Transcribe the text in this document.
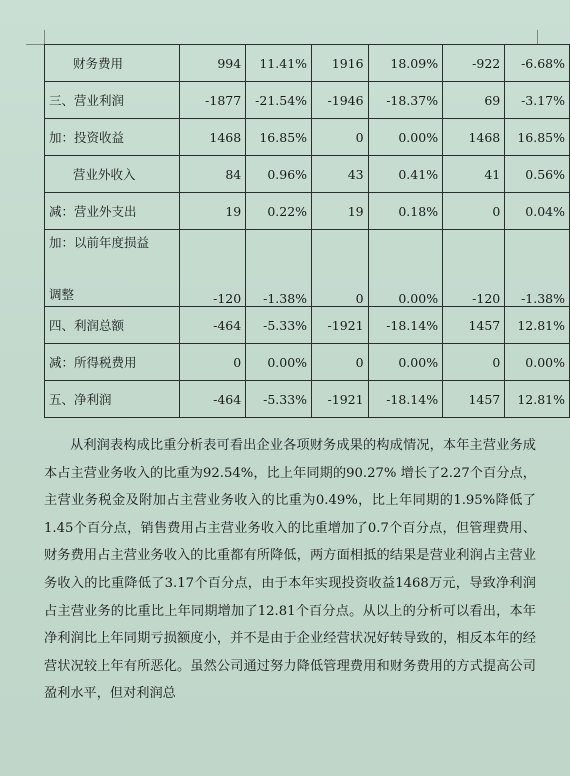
财务费用	994	11.41%	1916	18.09%	-922	-6.68%
三、营业利润	-1877	-21.54%	-1946	-18.37%	69	-3.17%
加：投资收益	1468	16.85%	0	0.00%	1468	16.85%
营业外收入	84	0.96%	43	0.41%	41	0.56%
减：营业外支出	19	0.22%	19	0.18%	0	0.04%

加：以前年度损益
调整	-120	-1.38%	0	0.00%	-120	-1.38%
四、利润总额	-464	-5.33%	-1921	-18.14%	1457	12.81%
减：所得税费用	0	0.00%	0	0.00%	0	0.00%
五、净利润	-464	-5.33%	-1921	-18.14%	1457	12.81%

从利润表构成比重分析表可看出企业各项财务成果的构成情况，本年主营业务成本占主营业务收入的比重为92.54%，比上年同期的90.27% 增长了2.27个百分点，主营业务税金及附加占主营业务收入的比重为0.49%，比上年同期的1.95%降低了1.45个百分点，销售费用占主营业务收入的比重增加了0.7个百分点，但管理费用、财务费用占主营业务收入的比重都有所降低，两方面相抵的结果是营业利润占主营业务收入的比重降低了3.17个百分点，由于本年实现投资收益1468万元，导致净利润占主营业务的比重比上年同期增加了12.81个百分点。从以上的分析可以看出，本年净利润比上年同期亏损额度小，并不是由于企业经营状况好转导致的，相反本年的经营状况较上年有所恶化。虽然公司通过努力降低管理费用和财务费用的方式提高公司盈利水平，但对利润总
